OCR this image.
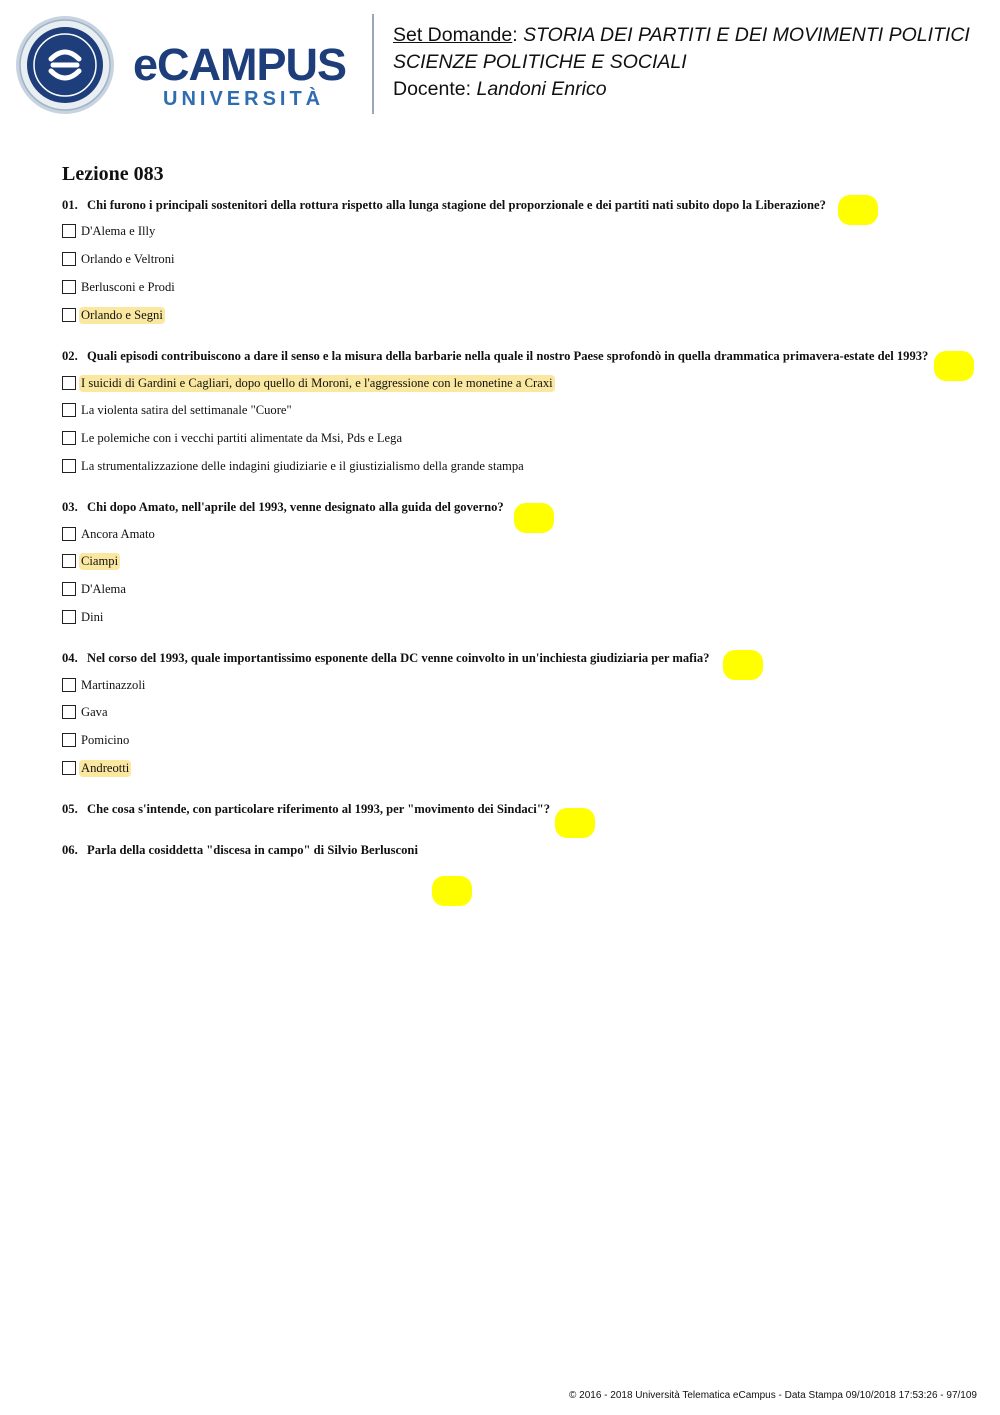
eCAMPUS
UNIVERSITÀ
Set Domande: STORIA DEI PARTITI E DEI MOVIMENTI POLITICI
SCIENZE POLITICHE E SOCIALI
Docente: Landoni Enrico
Lezione 083
01. Chi furono i principali sostenitori della rottura rispetto alla lunga stagione del proporzionale e dei partiti nati subito dopo la Liberazione?
D'Alema e Illy
Orlando e Veltroni
Berlusconi e Prodi
Orlando e Segni
02. Quali episodi contribuiscono a dare il senso e la misura della barbarie nella quale il nostro Paese sprofondò in quella drammatica primavera-estate del 1993?
I suicidi di Gardini e Cagliari, dopo quello di Moroni, e l'aggressione con le monetine a Craxi
La violenta satira del settimanale "Cuore"
Le polemiche con i vecchi partiti alimentate da Msi, Pds e Lega
La strumentalizzazione delle indagini giudiziarie e il giustizialismo della grande stampa
03. Chi dopo Amato, nell'aprile del 1993, venne designato alla guida del governo?
Ancora Amato
Ciampi
D'Alema
Dini
04. Nel corso del 1993, quale importantissimo esponente della DC venne coinvolto in un'inchiesta giudiziaria per mafia?
Martinazzoli
Gava
Pomicino
Andreotti
05. Che cosa s'intende, con particolare riferimento al 1993, per "movimento dei Sindaci"?
06. Parla della cosiddetta "discesa in campo" di Silvio Berlusconi
© 2016 - 2018 Università Telematica eCampus - Data Stampa 09/10/2018 17:53:26 - 97/109
